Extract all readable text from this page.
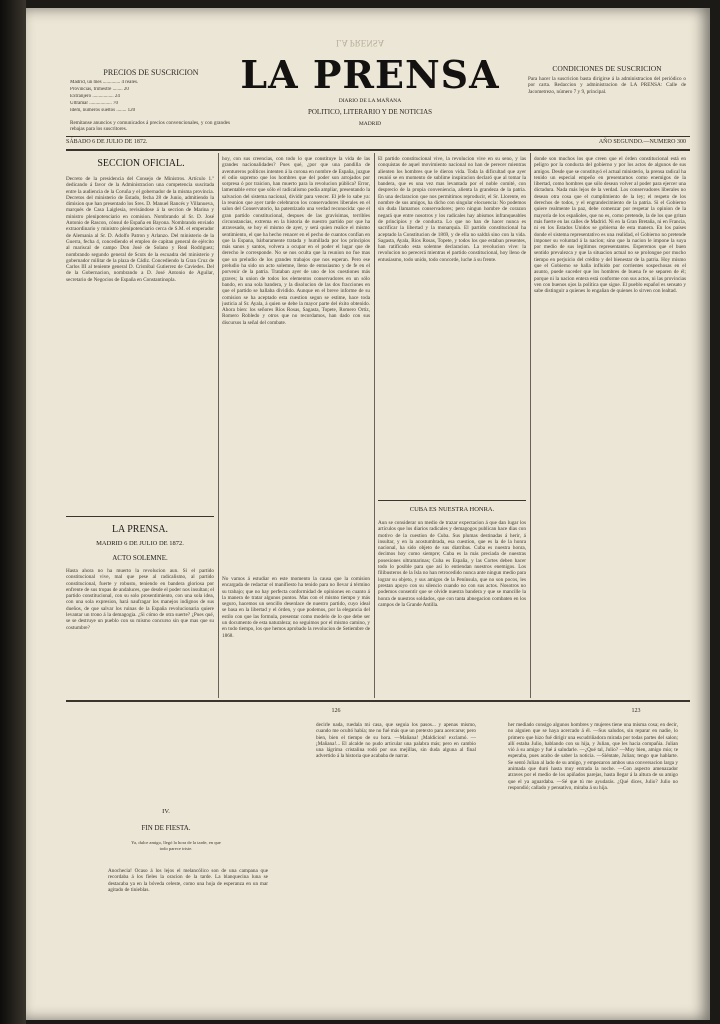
LA PRENSA
PRECIOS DE SUSCRICION
Madrid, un mes .............. 4 reales.
Provincias, trimestre ........ 20
Extranjero ................. 24
Ultramar .................. 70
Idem, números sueltos ........ 120
Remítanse anuncios y comunicados á precios convencionales, y con grandes rebajas para los suscritores.
LA PRENSA
DIARIO DE LA MAÑANA
POLITICO, LITERARIO Y DE NOTICIAS
MADRID
CONDICIONES DE SUSCRICION
Para hacer la suscricion basta dirigirse á la administracion del periódico o por carta. Redaccion y administracion de LA PRENSA: Calle de Jacometrezo, número 7 y 9, principal.
SÁBADO 6 DE JULIO DE 1872.	AÑO SEGUNDO.—NUMERO 300
SECCION OFICIAL.
Decreto de la presidencia del Consejo de Ministros. Artículo 1.º dedicando á favor de la Administracion una competencia suscitada entre la audiencia de la Coruña y el gobernador de la misma provincia. Decretos del ministerio de Estado, fecha 28 de Junio, admitiendo la dimision que han presentado los Sres. D. Manuel Rancés y Villanueva, marqués de Casa Laiglesia, revisándose á la seccion de Marina y ministro plenipotenciario en comision. Nombrando al Sr. D. José Antonio de Rascon, cónsul de España en Bayona. Nombrando enviado extraordinario y ministro plenipotenciario cerca de S.M. el emperador de Alemania al Sr. D. Adolfo Patron y Arlanzo. Del ministerio de la Guerra, fecha 4, concediendo el empleo de capitan general de ejército al mariscal de campo Don José de Solano y Real Rodriguez; nombrando segundo general de Scuts de la escuadra del ministerio y gobernador militar de la plaza de Cádiz. Concediendo la Gran Cruz de Carlos III al teniente general D. Cristóbal Gutierrez de Caviedes. Del de la Gobernacion, nombrando a D. José Antonio de Aguilar, secretario de Negocios de España en Constantinopla.
LA PRENSA.
MADRID 6 DE JULIO DE 1872.
ACTO SOLEMNE.
Hasta ahora no ha muerto la revolucion aun. Si el partido constitucional vive, mal que pese al radicalismo, al partido constitucional, fuerte y robusto, teniendo en bandera gloriosa por enfrente de sus tropas de andaluces, que desde el poder nos insultan; el partido constitucional, con su solo prosentimiento, con una sola idea, con una sola expresion, hará naufragar los manejos indignos de sus dueños, de que salvar los ruinas de la España revolucionaria quiere levantar un trono á la demagogia. ¿Si cómo de otra suerte? ¿Pues qué, se se destruye un pueblo con su mismo concurso sin que mas que su costumbre?
hoy, con sus creencias, con todo lo que constituye la vida de las grandes nacionalidades? Pues qué, ¿por que una pandilla de aventureros políticos intenten á la corona en nombre de España, juzgue el odio supremo que los hombres que del poder son arrojados por sorpresa ó por traicion, han muerto para la revolucion pública? Error, lamentable error que sólo el radicalismo podía ampliar, presentando la salvacion del sistema nacional, dividir para vencer. El jefe lo sabe ya: la reunion que ayer tarde celebraron los conservadores liberales en el salon del Conservatorio, ha patentizado una verdad reconocida: que el gran partido constitucional, despues de las gravísimas, terribles circunstancias, extrema en la historia de nuestro partido por que ha atravesado, se hoy el mismo de ayer, y será quien realice el mismo sentimiento, el que ha hecho renacer en el pecho de cuantos confían en que la Espana, bárbaramente tratada y humillada por los principios más sanos y santos, volvera a ocupar en el poder el lugar que de derecho le corresponde. No se nos oculta que la reunion no fue mas que un preludio de los grandes trabajos que nos esperan. Pero ese preludio ha sido un acto solemne, lleno de entusiasmo y de fe en el porvenir de la patria. Trataban ayer de uno de los cuestiones más graves; la union de todos los elementos conservadores en un sólo bando, en una sola bandera, y la disolucion de las dos fracciones en que el partido se hallaba dividido. Aunque en el breve informe de su comision se ha aceptado esta cuestion segun se estime, hace toda justicia al Sr. Ayala, á quien se debe la mayor parte del éxito obtenido. Ahora bien: los señores Ríos Rosas, Sagasta, Topete, Romero Ortiz, Romero Robledo y otros que no recordamos, han dado con sus discursos la señal del combate.
No vamos á estudiar en este momento la causa que la comision encargada de redactar el manifiesto ha tenido para no llevar á término su trabajo; que no hay perfecta conformidad de opiniones en cuanto á la manera de tratar algunos puntos. Mas con el mismo tiempo y más seguro, hacemos un sencillo desenlace de nuestro partido, cuyo ideal se basa en la libertad y el órden, y que podemos, por la elegancia del estilo con que las formula, presentar como modelo de lo que debe ser un documento de esta naturaleza; no seguimos por el mismo camino, y en todo tiempo, los que hemos aprobado la revolucion de Setiembre de 1868.
El partido constitucional vive, la revolucion vive en su seno, y las conquistas de aquel movimiento nacional no han de perecer mientras alienten los hombres que le dieron vida. Toda la dificultad que ayer reunió se en momento de sublime inspiracion declaró que al tomar la bandera, que es una vez mas levantada por el noble comité, con desprecio de la propia conveniencia, alienta la grandeza de la patria. En una declaracion que nos permitimos reproducir, el Sr. Llorente, en nombre de sus amigos, ha dicho con singular elocuencia: No podemos sin duda llamarnos conservadores; pero ningun hombre de corazon negará que entre nosotros y los radicales hay abismos infranqueables de principios y de conducta. Lo que no han de hacer nunca es sacrificar la libertad y la monarquía. El partido constitucional ha aceptado la Constitucion de 1869, y de ella no saldrá sino con la vida. Sagasta, Ayala, Ríos Rosas, Topete, y todos los que estaban presentes, han ratificado esta solemne declaracion. La revolucion vive: la revolucion no perecerá mientras el partido constitucional, hoy lleno de entusiasmo, todo unido, todo concorde, luche á su frente.
CUBA ES NUESTRA HONRA.
Aun se considerar un medio de trazar expectacion á que dan lugar los artículos que los diarios radicales y demagogos publican hace dias con motivo de la cuestion de Cuba. Sus plumas destinadas á herir, á insultar, y en la acostumbrada, esa cuestion, que es la de la honra nacional, ha sido objeto de sus diatribas. Cuba es nuestra honra, decimos hoy como siempre; Cuba es la más preciada de nuestras posesiones ultramarinas; Cuba es España, y las Cortes deben hacer todo lo posible para que así lo entiendan nuestros enemigos. Los filibusteros de la Isla no han retrocedido nunca ante ningun medio para lograr su objeto, y sus amigos de la Península, que no son pocos, les prestan apoyo con su silencio cuando no con sus actos. Nosotros no podemos consentir que se olvide nuestra bandera y que se mancille la honra de nuestros soldados, que con tanta abnegacion combaten en los campos de la Grande Antilla.
donde son muchos los que creen que el órden constitucional está en peligro por la conducta del gobierno y por los actos de algunos de sus amigos. Desde que se constituyó el actual ministerio, la prensa radical ha tenido un especial empeño en presentarnos como enemigos de la libertad, como hombres que sólo desean volver al poder para ejercer una dictadura. Nada más lejos de la verdad. Los conservadores liberales no desean otra cosa que el cumplimiento de la ley; el respeto de los derechos de todos, y el engrandecimiento de la patria. Si el Gobierno quiere realmente la paz, debe comenzar por respetar la opinion de la mayoría de los españoles, que no es, como pretende, la de los que gritan más fuerte en las calles de Madrid. Ni en la Gran Bretaña, ni en Francia, ni en los Estados Unidos se gobierna de esta manera. En los países donde el sistema representativo es una realidad, el Gobierno no pretende imponer su voluntad á la nacion; sino que la nacion le impone la suya por medio de sus legítimos representantes. Esperemos que el buen sentido prevalezca y que la situacion actual no se prolongue por mucho tiempo en perjuicio del crédito y del bienestar de la patria. Hoy mismo que el Gobierno se halla influido por corrientes sospechosas en el asunto, puede suceder que los hombres de buena fe se separen de él; porque ni la nacion entera está conforme con sus actos, ni las provincias ven con buenos ojos la política que sigue. El pueblo español es sensato y sabe distinguir a quienes lo engañan de quienes lo sirven con lealtad.
126	123
IV.
FIN DE FIESTA.
Ya, dulce amigo, llegó la hora de la tarde, en que todo parece triste.
Anochecia! Ocaso á los lejos el melancólico son de una campana que recordaba á los fieles la oracion de la tarde. La blanquecina luna se destacaba ya en la bóveda celeste, como una hoja de esperanza en un mar agitado de tinieblas.
decirle nada, ruedala mi casa, que seguia los pasos... y apenas mismo, cuando me ocultó había; me no fué más que un pretexto para acercarse; pero bien, bien el tiempo de su hora. —Mañana! ¡Maldicion! exclamó. —¡Mañana!... El alcalde no pudo articular una palabra más; pero en cambio una lágrima cristalina rodó por sus mejillas, sin duda alguna al final advertido á la historia que acababa de narrar.
her mediado consigo algunos hombres y mujeres tiene una misma cosa; en decir, no alguien que se haya acercado á él. —Sus saludos, sin reparar en nadie, lo primero que hizo fué dirigir una escudriñadora mirada por todas partes del salon; allí estaba Julio, hablando con su hija, y Julian, que les hacia compañia. Julian vió á su amigo y fué á saludarle. —¿Qué tal, Julio? —Muy bien, amigo mio; te esperaba, pues acabo de saber la noticia. —Siéntate, Julian; tengo que hablarte. Se sentó Julian al lado de su amigo, y empezaron ambos una conversacion larga y animada que duró hasta muy entrada la noche. —Con aspecto amenazador atraves por el medio de los apiñados parejas, hasta llegar á la altura de su amigo que el ya aguardaba. —Sé que tú me ayudarás. ¿Qué dices, Julio? Julio no respondió; callado y pensativo, miraba á su hija.
